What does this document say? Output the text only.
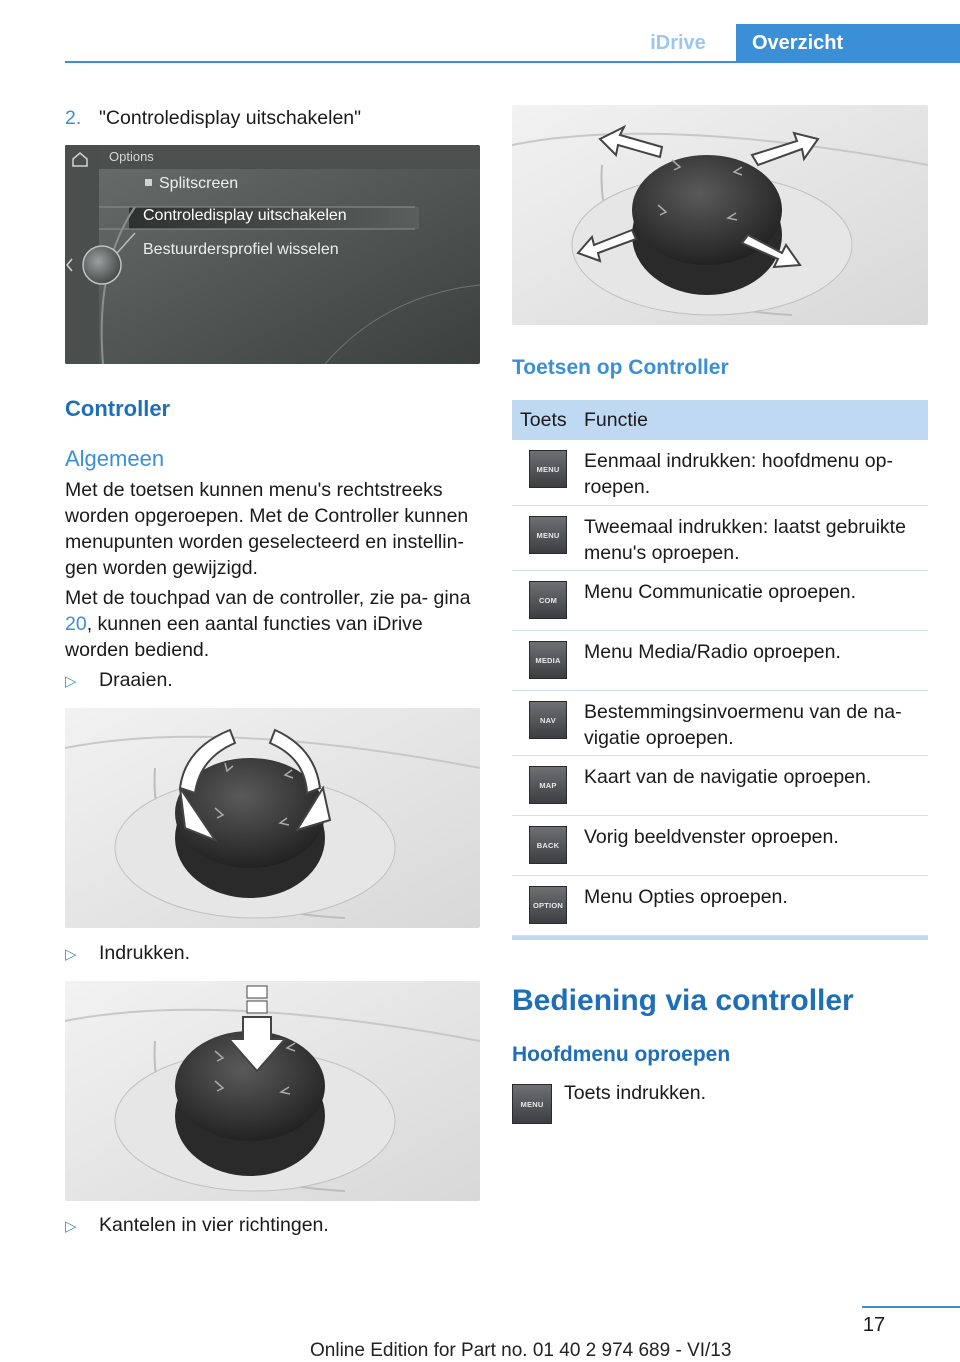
iDrive	Overzicht
2. "Controledisplay uitschakelen"
Options
Splitscreen
Controledisplay uitschakelen
Bestuurdersprofiel wisselen
Controller
Algemeen
Met de toetsen kunnen menu's rechtstreeks worden opgeroepen. Met de Controller kunnen menupunten worden geselecteerd en instellin- gen worden gewijzigd.
Met de touchpad van de controller, zie pa- gina 20, kunnen een aantal functies van iDrive worden bediend.
▷ Draaien.
▷ Indrukken.
▷ Kantelen in vier richtingen.
Toetsen op Controller
Toets Functie
MENU	Eenmaal indrukken: hoofdmenu op- roepen.
MENU	Tweemaal indrukken: laatst gebruikte menu's oproepen.
COM	Menu Communicatie oproepen.
MEDIA	Menu Media/Radio oproepen.
NAV	Bestemmingsinvoermenu van de na- vigatie oproepen.
MAP	Kaart van de navigatie oproepen.
BACK	Vorig beeldvenster oproepen.
OPTION Menu Opties oproepen.
Bediening via controller
Hoofdmenu oproepen
MENU	Toets indrukken.
17
Online Edition for Part no. 01 40 2 974 689 - VI/13
